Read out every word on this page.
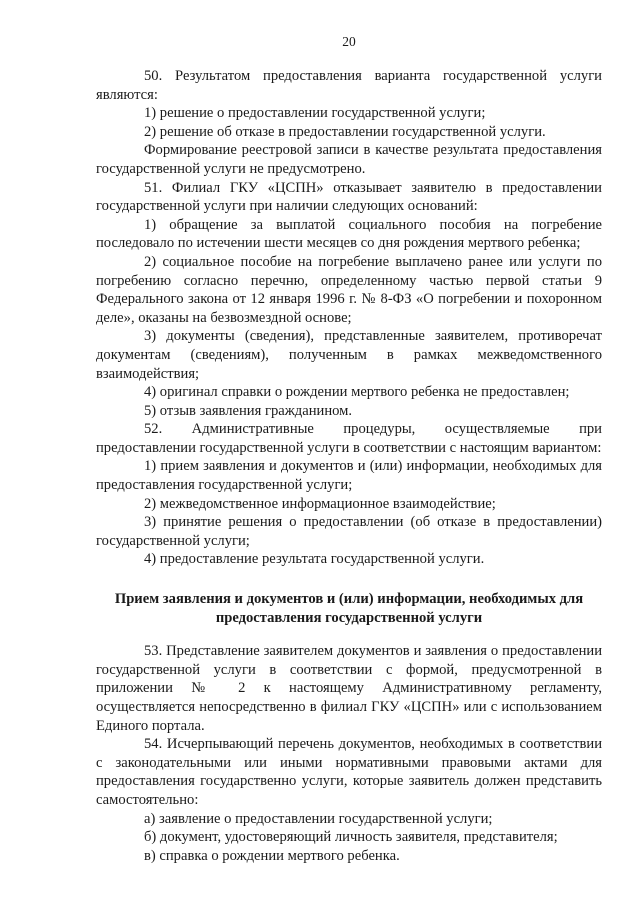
20

50. Результатом предоставления варианта государственной услуги являются:

1) решение о предоставлении государственной услуги;

2) решение об отказе в предоставлении государственной услуги.

Формирование реестровой записи в качестве результата предоставления государственной услуги не предусмотрено.

51. Филиал ГКУ «ЦСПН» отказывает заявителю в предоставлении государственной услуги при наличии следующих оснований:

1) обращение за выплатой социального пособия на погребение последовало по истечении шести месяцев со дня рождения мертвого ребенка;

2) социальное пособие на погребение выплачено ранее или услуги по погребению согласно перечню, определенному частью первой статьи 9 Федерального закона от 12 января 1996 г. № 8-ФЗ «О погребении и похоронном деле», оказаны на безвозмездной основе;

3) документы (сведения), представленные заявителем, противоречат документам (сведениям), полученным в рамках межведомственного взаимодействия;

4) оригинал справки о рождении мертвого ребенка не предоставлен;

5) отзыв заявления гражданином.

52. Административные процедуры, осуществляемые при предоставлении государственной услуги в соответствии с настоящим вариантом:

1) прием заявления и документов и (или) информации, необходимых для предоставления государственной услуги;

2) межведомственное информационное взаимодействие;

3) принятие решения о предоставлении (об отказе в предоставлении) государственной услуги;

4) предоставление результата государственной услуги.

Прием заявления и документов и (или) информации, необходимых для предоставления государственной услуги

53. Представление заявителем документов и заявления о предоставлении государственной услуги в соответствии с формой, предусмотренной в приложении № 2 к настоящему Административному регламенту, осуществляется непосредственно в филиал ГКУ «ЦСПН» или с использованием Единого портала.

54. Исчерпывающий перечень документов, необходимых в соответствии с законодательными или иными нормативными правовыми актами для предоставления государственно услуги, которые заявитель должен представить самостоятельно:

а) заявление о предоставлении государственной услуги;

б) документ, удостоверяющий личность заявителя, представителя;

в) справка о рождении мертвого ребенка.
